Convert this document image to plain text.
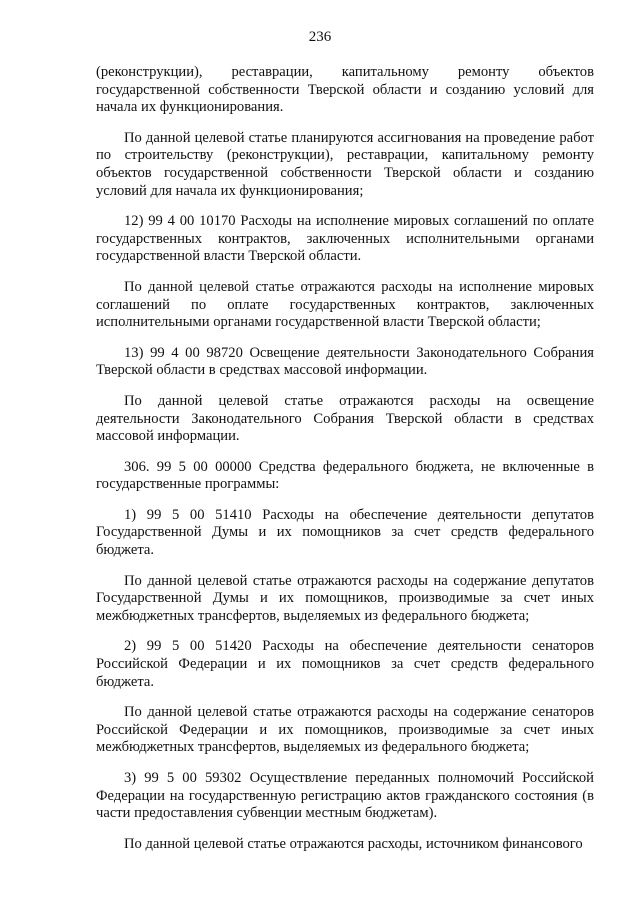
236

(реконструкции), реставрации, капитальному ремонту объектов государственной собственности Тверской области и созданию условий для начала их функционирования.

По данной целевой статье планируются ассигнования на проведение работ по строительству (реконструкции), реставрации, капитальному ремонту объектов государственной собственности Тверской области и созданию условий для начала их функционирования;

12) 99 4 00 10170 Расходы на исполнение мировых соглашений по оплате государственных контрактов, заключенных исполнительными органами государственной власти Тверской области.

По данной целевой статье отражаются расходы на исполнение мировых соглашений по оплате государственных контрактов, заключенных исполнительными органами государственной власти Тверской области;

13) 99 4 00 98720 Освещение деятельности Законодательного Собрания Тверской области в средствах массовой информации.

По данной целевой статье отражаются расходы на освещение деятельности Законодательного Собрания Тверской области в средствах массовой информации.

306. 99 5 00 00000 Средства федерального бюджета, не включенные в государственные программы:

1) 99 5 00 51410 Расходы на обеспечение деятельности депутатов Государственной Думы и их помощников за счет средств федерального бюджета.

По данной целевой статье отражаются расходы на содержание депутатов Государственной Думы и их помощников, производимые за счет иных межбюджетных трансфертов, выделяемых из федерального бюджета;

2) 99 5 00 51420 Расходы на обеспечение деятельности сенаторов Российской Федерации и их помощников за счет средств федерального бюджета.

По данной целевой статье отражаются расходы на содержание сенаторов Российской Федерации и их помощников, производимые за счет иных межбюджетных трансфертов, выделяемых из федерального бюджета;

3) 99 5 00 59302 Осуществление переданных полномочий Российской Федерации на государственную регистрацию актов гражданского состояния (в части предоставления субвенции местным бюджетам).

По данной целевой статье отражаются расходы, источником финансового
